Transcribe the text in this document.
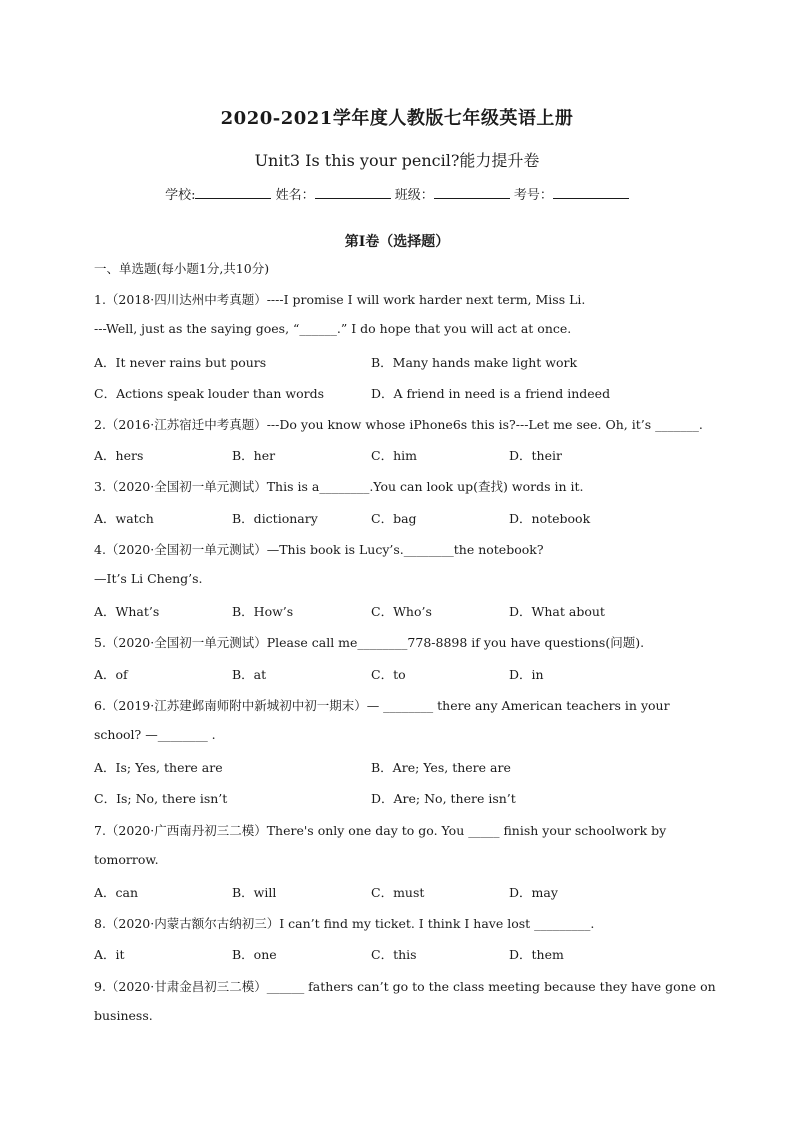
2020-2021学年度人教版七年级英语上册
Unit3 Is this your pencil?能力提升卷
学校:	姓名：	班级：	考号：
第I卷（选择题）
一、单选题(每小题1分,共10分)
1.（2018·四川达州中考真题）----I promise I will work harder next term, Miss Li.
---Well, just as the saying goes, “______.” I do hope that you will act at once.
A．It never rains but pours	B．Many hands make light work
C．Actions speak louder than words	D．A friend in need is a friend indeed
2.（2016·江苏宿迁中考真题）---Do you know whose iPhone6s this is?---Let me see. Oh, it’s _______.
A．hers	B．her	C．him	D．their
3.（2020·全国初一单元测试）This is a________.You can look up(查找) words in it.
A．watch	B．dictionary	C．bag	D．notebook
4.（2020·全国初一单元测试）—This book is Lucy’s.________the notebook?
—It’s Li Cheng’s.
A．What’s	B．How’s	C．Who’s	D．What about
5.（2020·全国初一单元测试）Please call me________778-8898 if you have questions(问题).
A．of	B．at	C．to	D．in
6.（2019·江苏建邺南师附中新城初中初一期末）— ________ there any American teachers in your
school? —________ .
A．Is; Yes, there are	B．Are; Yes, there are
C．Is; No, there isn’t	D．Are; No, there isn’t
7.（2020·广西南丹初三二模）There's only one day to go. You _____ finish your schoolwork by
tomorrow.
A．can	B．will	C．must	D．may
8.（2020·内蒙古额尔古纳初三）I can’t find my ticket. I think I have lost _________.
A．it	B．one	C．this	D．them
9.（2020·甘肃金昌初三二模）______ fathers can’t go to the class meeting because they have gone on
business.
